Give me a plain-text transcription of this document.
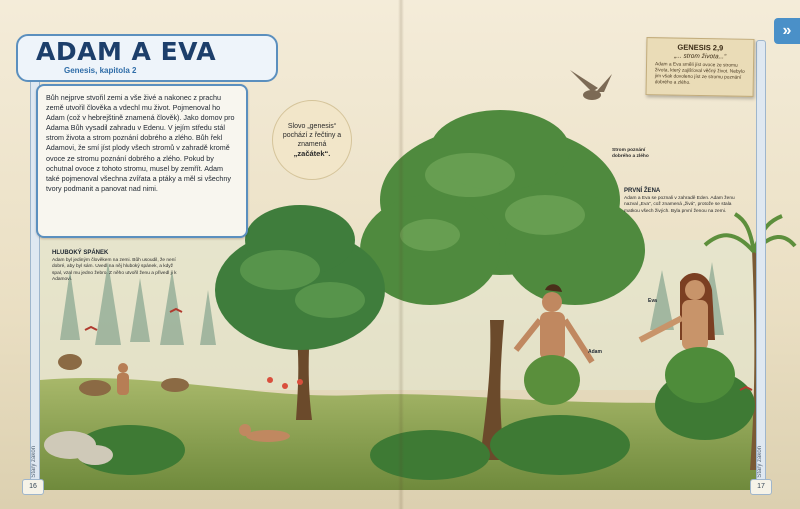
Starý zákon	Starý zákon
16	17
»
ADAM A EVA
Genesis, kapitola 2

Bůh nejprve stvořil zemi a vše živé a nakonec z prachu země utvořil člověka a vdechl mu život. Pojmenoval ho Adam (což v hebrejštině znamená člověk). Jako domov pro Adama Bůh vysadil zahradu v Edenu. V jejím středu stál strom života a strom poznání dobrého a zlého. Bůh řekl Adamovi, že smí jíst plody všech stromů v zahradě kromě ovoce ze stromu poznání dobrého a zlého. Pokud by ochutnal ovoce z tohoto stromu, musel by zemřít. Adam také pojmenoval všechna zvířata a ptáky a měl si všechny tvory podmanit a panovat nad nimi.

Slovo „genesis“ pochází z řečtiny a znamená
„začátek“.

GENESIS 2,9
„... strom života...“
Adam a Eva směli jíst ovoce ze stromu života, který zajišťoval věčný život. Nebylo jim však dovoleno jíst ze stromu poznání dobrého a zlého.
HLUBOKÝ SPÁNEK
Adam byl jediným člověkem na zemi. Bůh usoudil, že není dobré, aby byl sám. Uvedl na něj hluboký spánek, a když spal, vzal mu jedno žebro. Z něho utvořil ženu a přivedl ji k Adamovi.
Strom poznání dobrého a zlého
PRVNÍ ŽENA
Adam a Eva se poznali v zahradě Eden. Adam ženu nazval „Eva“, což znamená „živá“, protože se stala matkou všech živých. Byla první ženou na zemi.
Adam
Eva
